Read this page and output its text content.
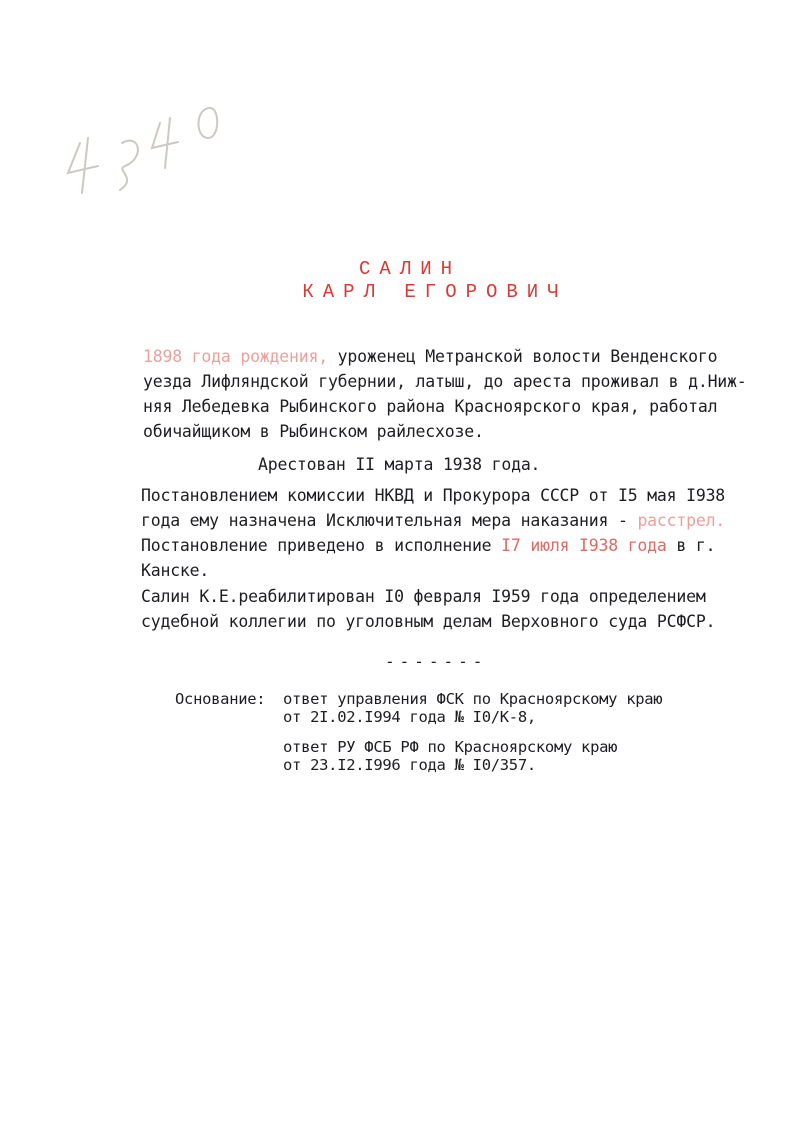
САЛИН
КАРЛ ЕГОРОВИЧ
1898 года рождения, уроженец Метранской волости Венденского
уезда Лифляндской губернии, латыш, до ареста проживал в д.Ниж-
няя Лебедевка Рыбинского района Красноярского края, работал
обичайщиком в Рыбинском райлесхозе.
Арестован II марта 1938 года.
Постановлением комиссии НКВД и Прокурора СССР от I5 мая I938
года ему назначена Исключительная мера наказания - расстрел.
Постановление приведено в исполнение I7 июля I938 года в г.
Канске.
Салин К.Е.реабилитирован I0 февраля I959 года определением
судебной коллегии по уголовным делам Верховного суда РСФСР.
-------
Основание: ответ управления ФСК по Красноярскому краю
от 2I.02.I994 года № I0/К-8,
ответ РУ ФСБ РФ по Красноярскому краю
от 23.I2.I996 года № I0/357.
